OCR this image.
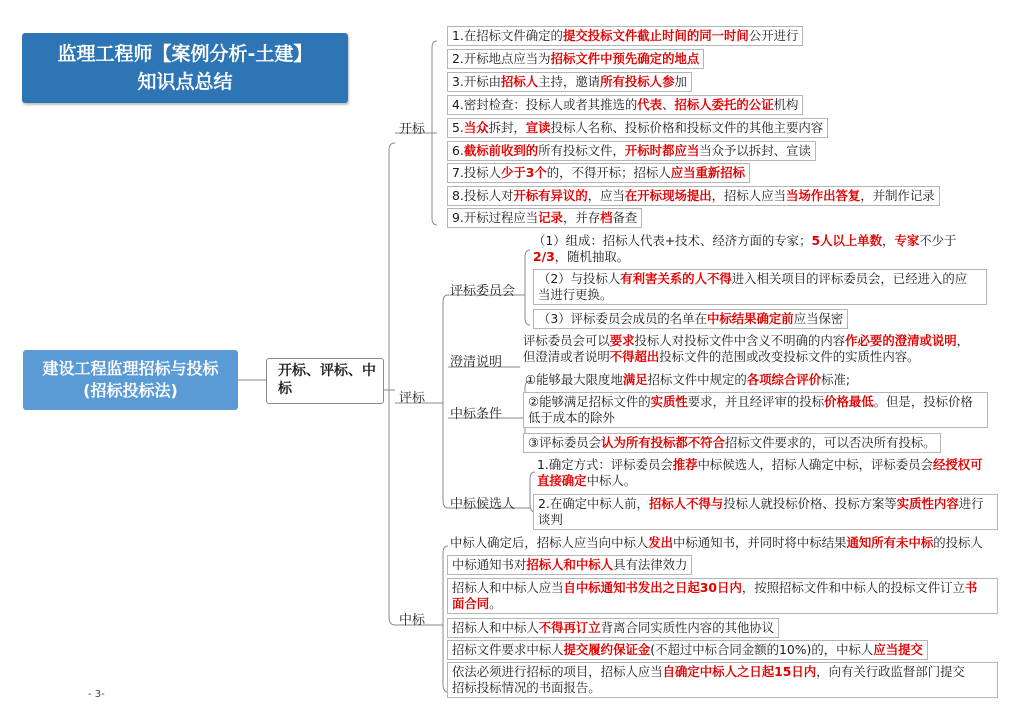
监理工程师【案例分析-土建】
知识点总结
建设工程监理招标与投标
(招标投标法)
开标、评标、中标
开标
评标
中标
评标委员会
澄清说明
中标条件
中标候选人
1.在招标文件确定的提交投标文件截止时间的同一时间公开进行
2.开标地点应当为招标文件中预先确定的地点
3.开标由招标人主持，邀请所有投标人参加
4.密封检查：投标人或者其推选的代表、招标人委托的公证机构
5.当众拆封，宣读投标人名称、投标价格和投标文件的其他主要内容
6.截标前收到的所有投标文件，开标时都应当当众予以拆封、宣读
7.投标人少于3个的，不得开标；招标人应当重新招标
8.投标人对开标有异议的，应当在开标现场提出，招标人应当当场作出答复，并制作记录
9.开标过程应当记录，并存档备查
（1）组成：招标人代表+技术、经济方面的专家；5人以上单数，专家不少于
2/3，随机抽取。
（2）与投标人有利害关系的人不得进入相关项目的评标委员会，已经进入的应
当进行更换。
（3）评标委员会成员的名单在中标结果确定前应当保密
评标委员会可以要求投标人对投标文件中含义不明确的内容作必要的澄清或说明，
但澄清或者说明不得超出投标文件的范围或改变投标文件的实质性内容。
①能够最大限度地满足招标文件中规定的各项综合评价标准;
②能够满足招标文件的实质性要求，并且经评审的投标价格最低。但是，投标价格
低于成本的除外
③评标委员会认为所有投标都不符合招标文件要求的，可以否决所有投标。
1.确定方式：评标委员会推荐中标候选人，招标人确定中标，评标委员会经授权可
直接确定中标人。
2.在确定中标人前，招标人不得与投标人就投标价格、投标方案等实质性内容进行
谈判
中标人确定后，招标人应当向中标人发出中标通知书，并同时将中标结果通知所有未中标的投标人
中标通知书对招标人和中标人具有法律效力
招标人和中标人应当自中标通知书发出之日起30日内，按照招标文件和中标人的投标文件订立书
面合同。
招标人和中标人不得再订立背离合同实质性内容的其他协议
招标文件要求中标人提交履约保证金(不超过中标合同金额的10%)的，中标人应当提交
依法必须进行招标的项目，招标人应当自确定中标人之日起15日内，向有关行政监督部门提交
招标投标情况的书面报告。
- 3-
